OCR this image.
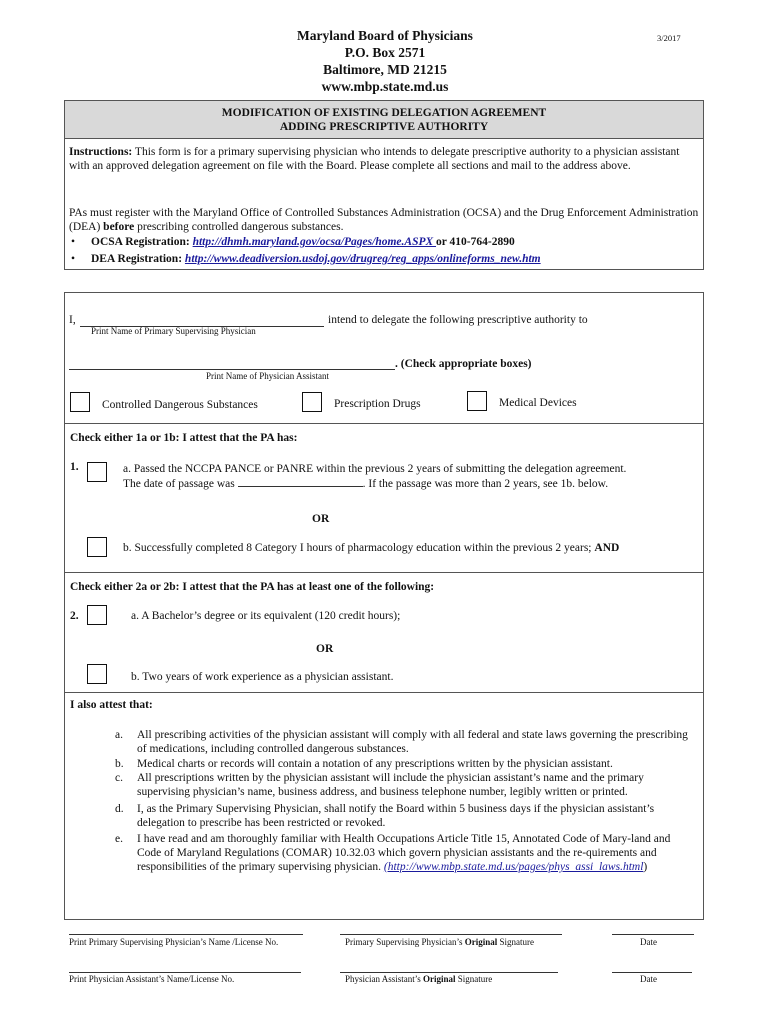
Maryland Board of Physicians
P.O. Box 2571
Baltimore, MD 21215
www.mbp.state.md.us
3/2017
MODIFICATION OF EXISTING DELEGATION AGREEMENT
ADDING PRESCRIPTIVE AUTHORITY
Instructions: This form is for a primary supervising physician who intends to delegate prescriptive authority to a physician assistant with an approved delegation agreement on file with the Board. Please complete all sections and mail to the address above.
PAs must register with the Maryland Office of Controlled Substances Administration (OCSA) and the Drug Enforcement Administration (DEA) before prescribing controlled dangerous substances.
• OCSA Registration: http://dhmh.maryland.gov/ocsa/Pages/home.ASPX or 410-764-2890
• DEA Registration: http://www.deadiversion.usdoj.gov/drugreg/reg_apps/onlineforms_new.htm
I,	intend to delegate the following prescriptive authority to
Print Name of Primary Supervising Physician
. (Check appropriate boxes)
Print Name of Physician Assistant
Controlled Dangerous Substances	Prescription Drugs	Medical Devices
Check either 1a or 1b: I attest that the PA has:
1.	a. Passed the NCCPA PANCE or PANRE within the previous 2 years of submitting the delegation agreement.
The date of passage was	. If the passage was more than 2 years, see 1b. below.
OR
b. Successfully completed 8 Category I hours of pharmacology education within the previous 2 years; AND
Check either 2a or 2b: I attest that the PA has at least one of the following:
2.	a. A Bachelor’s degree or its equivalent (120 credit hours);
OR
b. Two years of work experience as a physician assistant.
I also attest that:
a. All prescribing activities of the physician assistant will comply with all federal and state laws governing the prescribing of medications, including controlled dangerous substances.
b. Medical charts or records will contain a notation of any prescriptions written by the physician assistant.
c. All prescriptions written by the physician assistant will include the physician assistant’s name and the primary supervising physician’s name, business address, and business telephone number, legibly written or printed.
d. I, as the Primary Supervising Physician, shall notify the Board within 5 business days if the physician assistant’s delegation to prescribe has been restricted or revoked.
e. I have read and am thoroughly familiar with Health Occupations Article Title 15, Annotated Code of Mary-land and Code of Maryland Regulations (COMAR) 10.32.03 which govern physician assistants and the re-quirements and responsibilities of the primary supervising physician. (http://www.mbp.state.md.us/pages/phys_assi_laws.html)
Print Primary Supervising Physician’s Name /License No.	Primary Supervising Physician’s Original Signature	Date
Print Physician Assistant’s Name/License No.	Physician Assistant’s Original Signature	Date
